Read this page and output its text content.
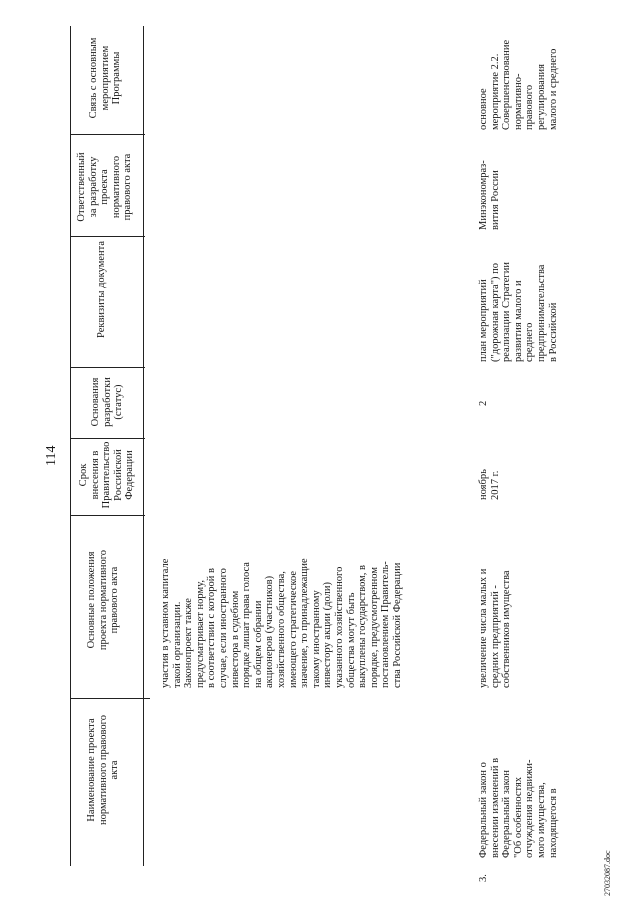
114
Наименование проекта нормативного правового акта
Основные положения проекта нормативного правового акта
Срок внесения в Правительство Российской Федерации
Основания разработки (статус)
Реквизиты документа
Ответственный за разработку проекта нормативного правового акта
Связь с основным мероприятием Программы
участия в уставном капитале такой организации. Законопроект также предусматривает норму, в соответствии с которой в случае, если иностранного инвестора в судебном порядке лишат права голоса на общем собрании акционеров (участников) хозяйственного общества, имеющего стратегическое значение, то принадлежащие такому иностранному инвестору акции (доли) указанного хозяйственного общества могут быть выкуплены государством, в порядке, предусмотренном постановлением Правитель- ства Российской Федерации
3.
Федеральный закон о внесении изменений в Федеральный закон "Об особенностях отчуждения недвижи- мого имущества, находящегося в
увеличение числа малых и средних предприятий - собственников имущества
ноябрь 2017 г.
2
план мероприятий ("дорожная карта") по реализации Стратегии развития малого и среднего предпринимательства в Российской
Минэкономраз- вития России
основное мероприятие 2.2. Совершенствование нормативно- правового регулирования малого и среднего
27032087.doc
